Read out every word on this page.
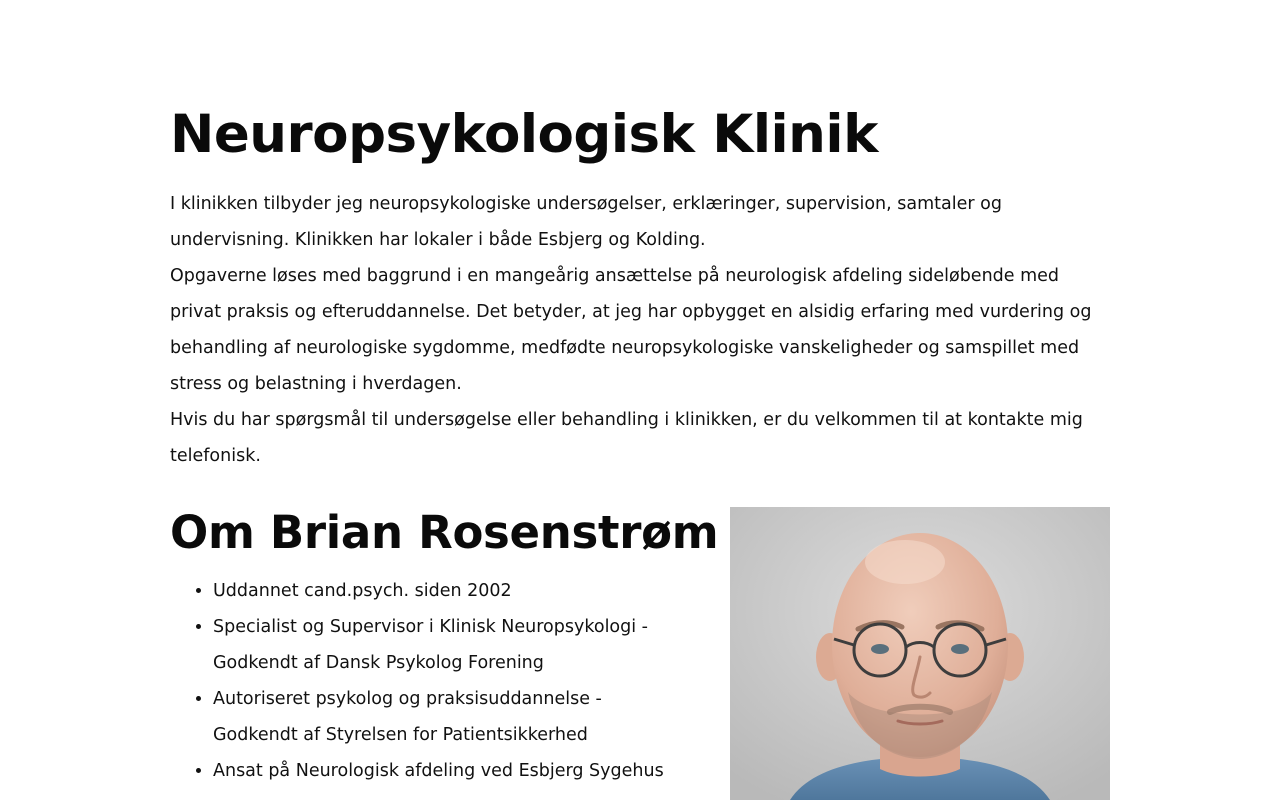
Neuropsykologisk Klinik

I klinikken tilbyder jeg neuropsykologiske undersøgelser, erklæringer, supervision, samtaler og undervisning. Klinikken har lokaler i både Esbjerg og Kolding.

Opgaverne løses med baggrund i en mangeårig ansættelse på neurologisk afdeling sideløbende med privat praksis og efteruddannelse. Det betyder, at jeg har opbygget en alsidig erfaring med vurdering og behandling af neurologiske sygdomme, medfødte neuropsykologiske vanskeligheder og samspillet med stress og belastning i hverdagen.

Hvis du har spørgsmål til undersøgelse eller behandling i klinikken, er du velkommen til at kontakte mig telefonisk.

Om Brian Rosenstrøm
• Uddannet cand.psych. siden 2002
• Specialist og Supervisor i Klinisk Neuropsykologi - Godkendt af Dansk Psykolog Forening
• Autoriseret psykolog og praksisuddannelse - Godkendt af Styrelsen for Patientsikkerhed
• Ansat på Neurologisk afdeling ved Esbjerg Sygehus
